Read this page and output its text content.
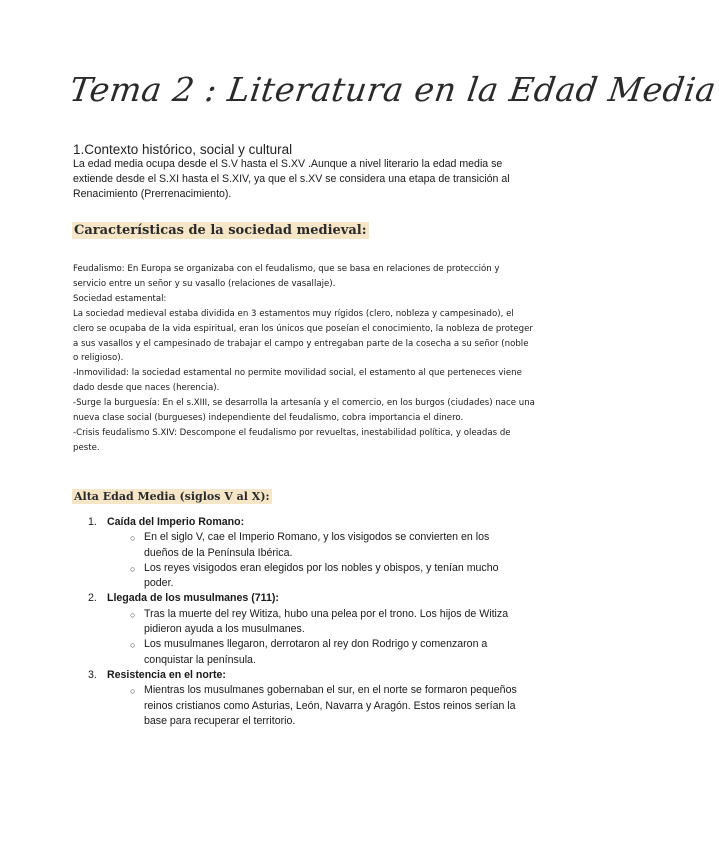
Tema 2 : Literatura en la Edad Media
1.Contexto histórico, social y cultural
La edad media ocupa desde el S.V hasta el S.XV .Aunque a nivel literario la edad media se extiende desde el S.XI hasta el S.XIV, ya que el s.XV se considera una etapa de transición al Renacimiento (Prerrenacimiento).
Características de la sociedad medieval:

Feudalismo: En Europa se organizaba con el feudalismo, que se basa en relaciones de protección y servicio entre un señor y su vasallo (relaciones de vasallaje).

Sociedad estamental:

La sociedad medieval estaba dividida en 3 estamentos muy rígidos (clero, nobleza y campesinado), el clero se ocupaba de la vida espiritual, eran los únicos que poseían el conocimiento, la nobleza de proteger a sus vasallos y el campesinado de trabajar el campo y entregaban parte de la cosecha a su señor (noble o religioso).

-Inmovilidad: la sociedad estamental no permite movilidad social, el estamento al que perteneces viene dado desde que naces (herencia).

-Surge la burguesía: En el s.XIII, se desarrolla la artesanía y el comercio, en los burgos (ciudades) nace una nueva clase social (burgueses) independiente del feudalismo, cobra importancia el dinero.

-Crisis feudalismo S.XIV: Descompone el feudalismo por revueltas, inestabilidad política, y oleadas de peste.

Alta Edad Media (siglos V al X):
1. Caída del Imperio Romano:
○ En el siglo V, cae el Imperio Romano, y los visigodos se convierten en los dueños de la Península Ibérica.
○ Los reyes visigodos eran elegidos por los nobles y obispos, y tenían mucho poder.
2. Llegada de los musulmanes (711):
○ Tras la muerte del rey Witiza, hubo una pelea por el trono. Los hijos de Witiza pidieron ayuda a los musulmanes.
○ Los musulmanes llegaron, derrotaron al rey don Rodrigo y comenzaron a conquistar la península.
3. Resistencia en el norte:
○ Mientras los musulmanes gobernaban el sur, en el norte se formaron pequeños reinos cristianos como Asturias, León, Navarra y Aragón. Estos reinos serían la base para recuperar el territorio.
